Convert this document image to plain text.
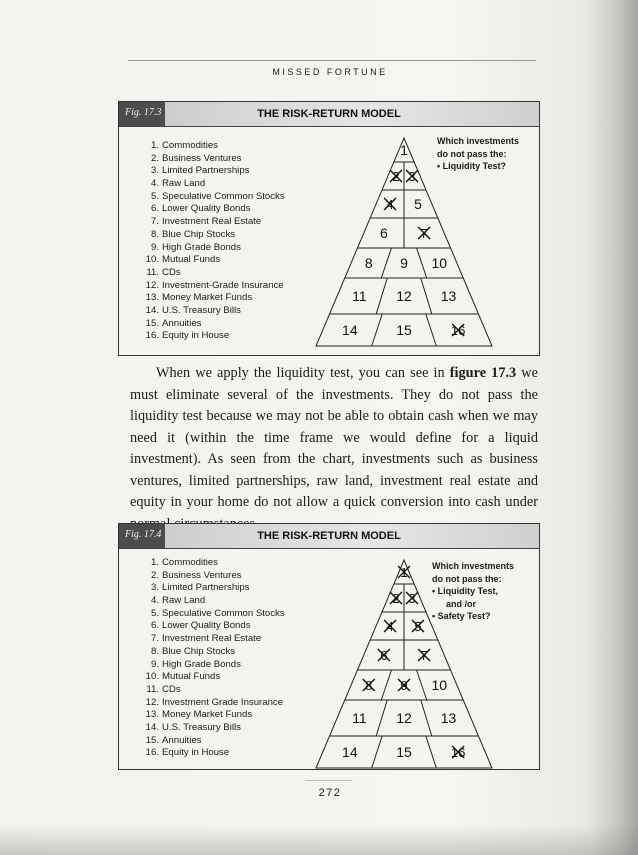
MISSED FORTUNE
Fig. 17.3	THE RISK-RETURN MODEL
1. Commodities
2. Business Ventures
3. Limited Partnerships
4. Raw Land
5. Speculative Common Stocks
6. Lower Quality Bonds
7. Investment Real Estate
8. Blue Chip Stocks
9. High Grade Bonds
10. Mutual Funds
11. CDs
12. Investment-Grade Insurance
13. Money Market Funds
14. U.S. Treasury Bills
15. Annuities
16. Equity in House
1
2 3
4 5
6	7
8 9 10
11 12 13
14	15	16
Which investments
do not pass the:
• Liquidity Test?

When we apply the liquidity test, you can see in figure 17.3 we must eliminate several of the investments. They do not pass the liquidity test because we may not be able to obtain cash when we may need it (within the time frame we would define for a liquid investment). As seen from the chart, investments such as business ventures, limited partnerships, raw land, investment real estate and equity in your home do not allow a quick conversion into cash under

Fig. 17.4	THE RISK-RETURN MODEL
1. Commodities
2. Business Ventures
3. Limited Partnerships
4. Raw Land
5. Speculative Common Stocks
6. Lower Quality Bonds
7. Investment Real Estate
8. Blue Chip Stocks
9. High Grade Bonds
10. Mutual Funds
11. CDs
12. Investment Grade Insurance
13. Money Market Funds
14. U.S. Treasury Bills
15. Annuities
16. Equity in House
1
2 3
4 5
6	7
8 9 10
11 12 13
14	15	16
Which investments
do not pass the:
• Liquidity Test,
and /or
• Safety Test?
272
